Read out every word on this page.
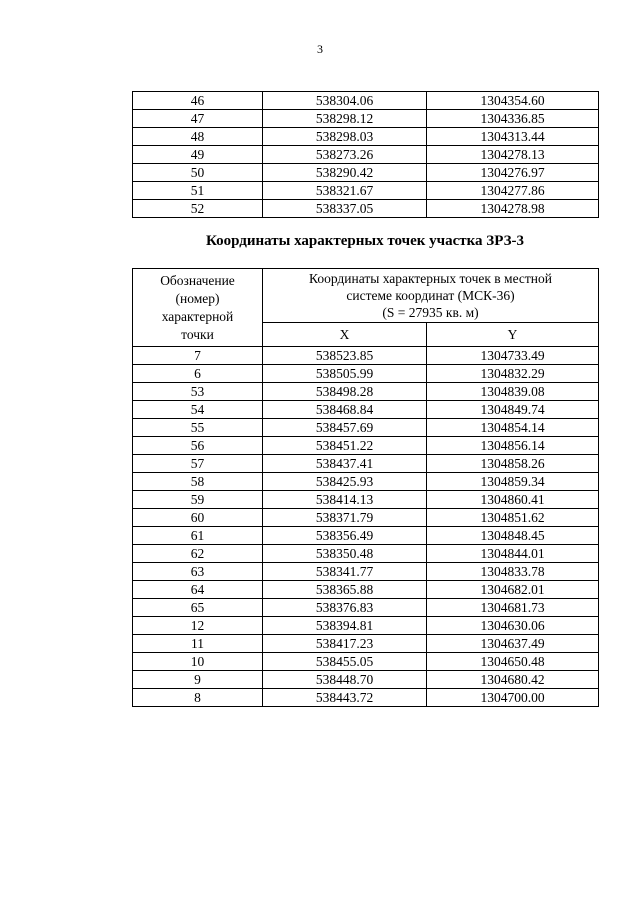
3
46	538304.06	1304354.60
47	538298.12	1304336.85
48	538298.03	1304313.44
49	538273.26	1304278.13
50	538290.42	1304276.97
51	538321.67	1304277.86
52	538337.05	1304278.98
Координаты характерных точек участка ЗРЗ-3
Обозначение
(номер)
характерной
точки	Координаты характерных точек в местной
системе координат (МСК-36)
(S = 27935 кв. м)	
	X	Y
7	538523.85	1304733.49
6	538505.99	1304832.29
53	538498.28	1304839.08
54	538468.84	1304849.74
55	538457.69	1304854.14
56	538451.22	1304856.14
57	538437.41	1304858.26
58	538425.93	1304859.34
59	538414.13	1304860.41
60	538371.79	1304851.62
61	538356.49	1304848.45
62	538350.48	1304844.01
63	538341.77	1304833.78
64	538365.88	1304682.01
65	538376.83	1304681.73
12	538394.81	1304630.06
11	538417.23	1304637.49
10	538455.05	1304650.48
9	538448.70	1304680.42
8	538443.72	1304700.00
